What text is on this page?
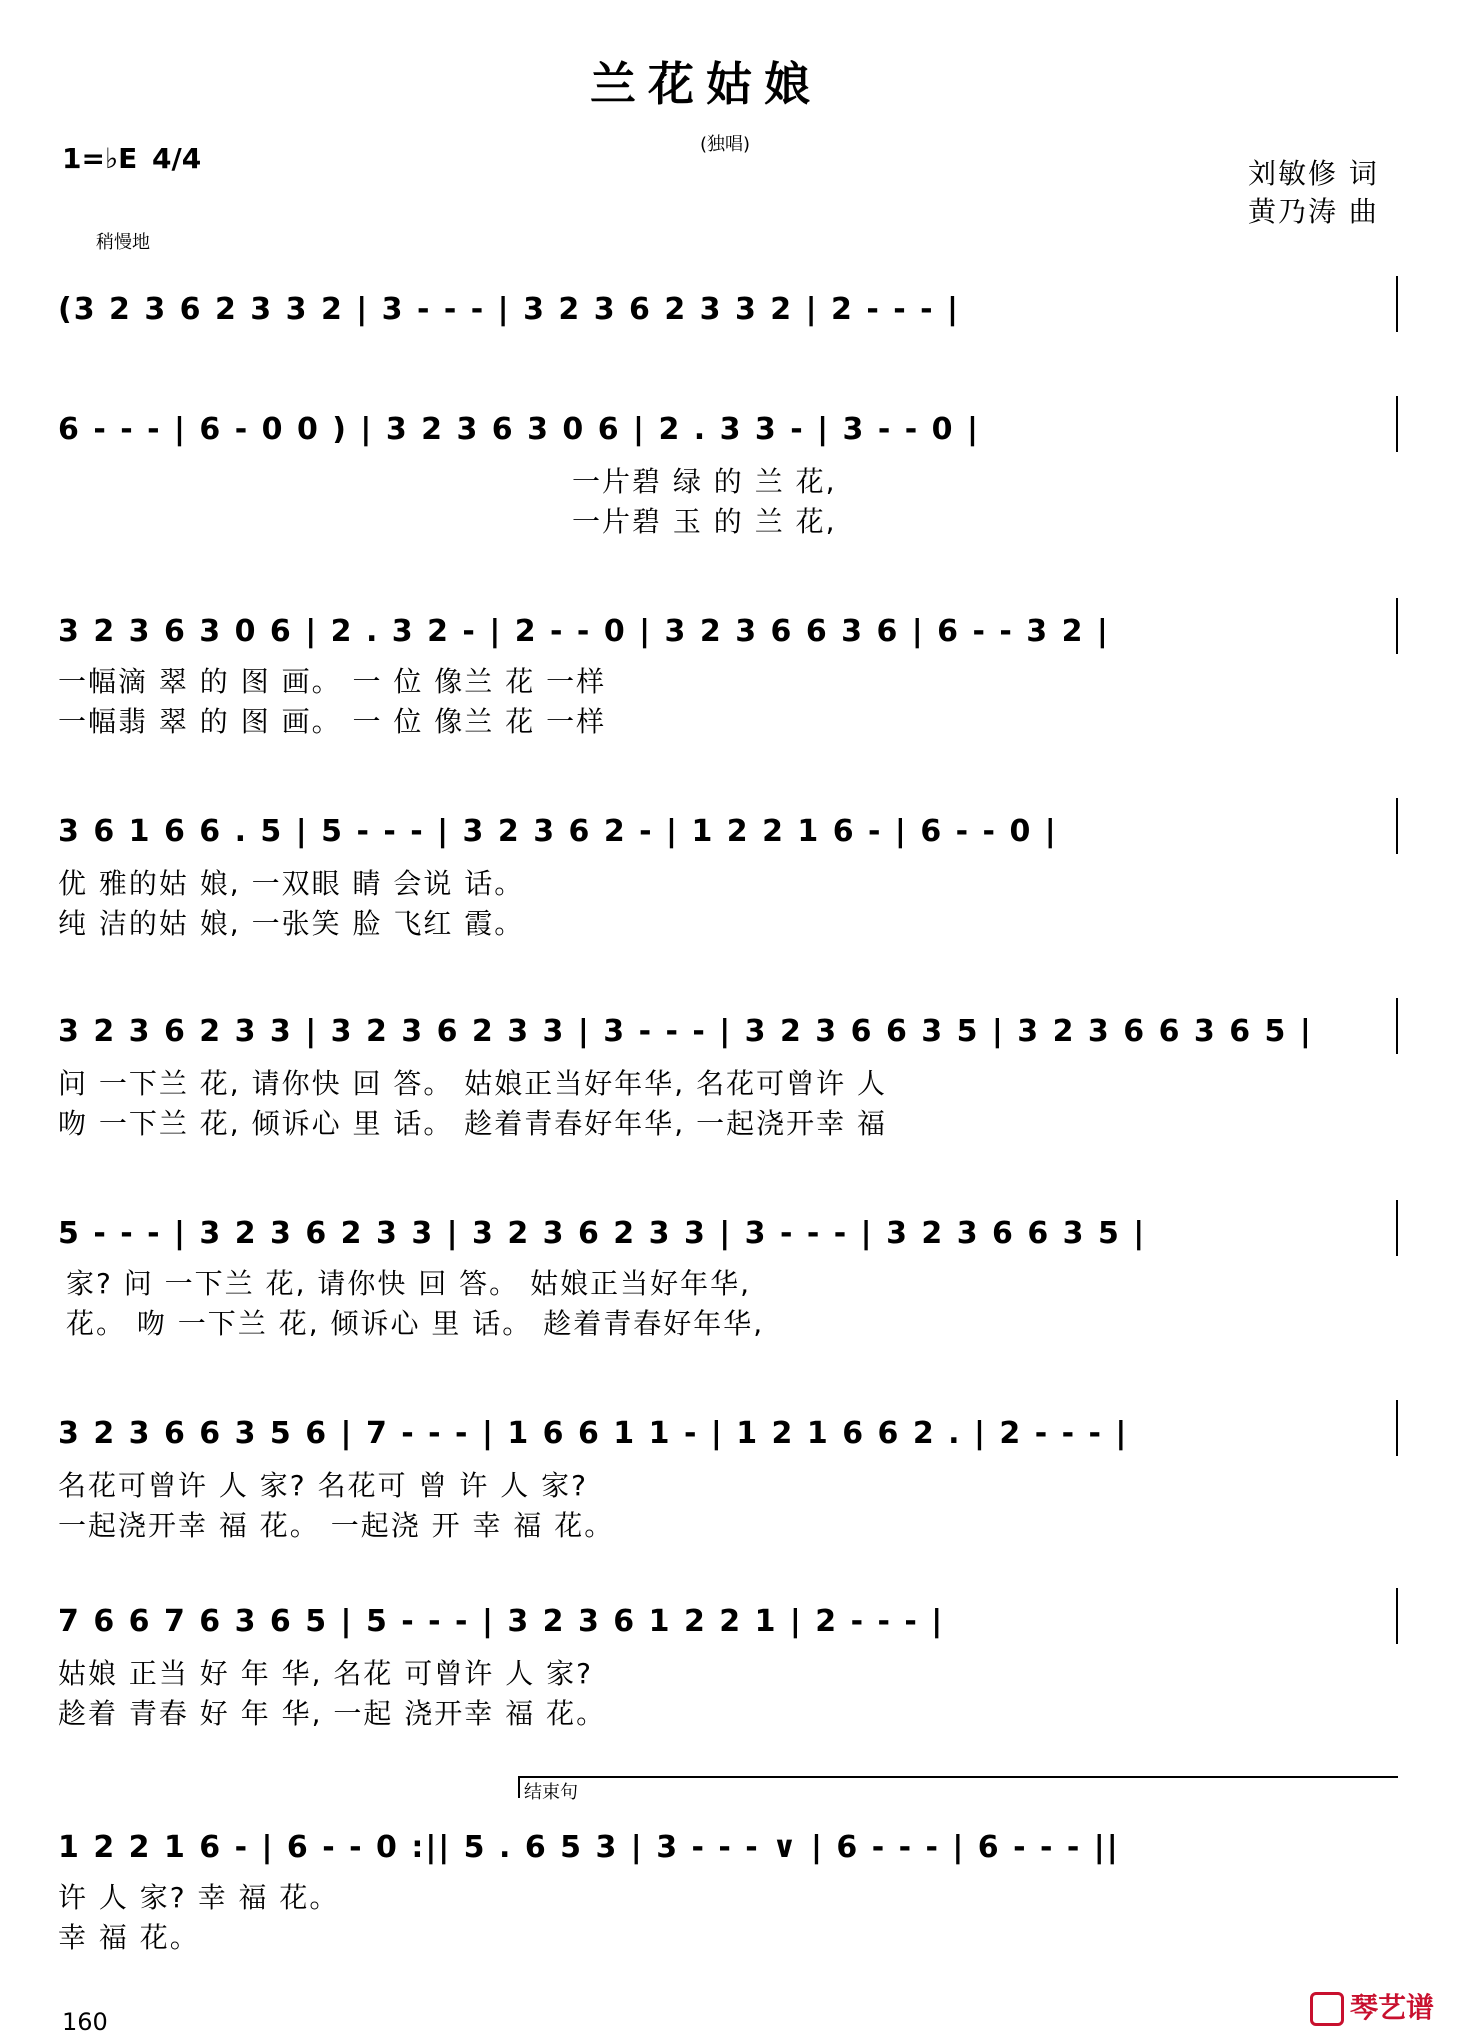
兰花姑娘
(独唱)
1=♭E 4/4
稍慢地
刘敏修 词
黄乃涛 曲
(3 2 3 6 2 3 3 2 | 3 - - - | 3 2 3 6 2 3 3 2 | 2 - - - |
6 - - - | 6 - 0 0 ) | 3 2 3 6 3 0 6 | 2 . 3 3 - | 3 - - 0 |
一片碧 绿 的 兰 花,
一片碧 玉 的 兰 花,
3 2 3 6 3 0 6 | 2 . 3 2 - | 2 - - 0 | 3 2 3 6 6 3 6 | 6 - - 3 2 |
一幅滴 翠 的 图 画。 一 位 像兰 花 一样
一幅翡 翠 的 图 画。 一 位 像兰 花 一样
3 6 1 6 6 . 5 | 5 - - - | 3 2 3 6 2 - | 1 2 2 1 6 - | 6 - - 0 |
优 雅的姑 娘, 一双眼 睛 会说 话。
纯 洁的姑 娘, 一张笑 脸 飞红 霞。
3 2 3 6 2 3 3 | 3 2 3 6 2 3 3 | 3 - - - | 3 2 3 6 6 3 5 | 3 2 3 6 6 3 6 5 |
问 一下兰 花, 请你快 回 答。 姑娘正当好年华, 名花可曾许 人
吻 一下兰 花, 倾诉心 里 话。 趁着青春好年华, 一起浇开幸 福
5 - - - | 3 2 3 6 2 3 3 | 3 2 3 6 2 3 3 | 3 - - - | 3 2 3 6 6 3 5 |
家? 问 一下兰 花, 请你快 回 答。 姑娘正当好年华,
花。 吻 一下兰 花, 倾诉心 里 话。 趁着青春好年华,
3 2 3 6 6 3 5 6 | 7 - - - | 1 6 6 1 1 - | 1 2 1 6 6 2 . | 2 - - - |
名花可曾许 人 家? 名花可 曾 许 人 家?
一起浇开幸 福 花。 一起浇 开 幸 福 花。
7 6 6 7 6 3 6 5 | 5 - - - | 3 2 3 6 1 2 2 1 | 2 - - - |
姑娘 正当 好 年 华, 名花 可曾许 人 家?
趁着 青春 好 年 华, 一起 浇开幸 福 花。
结束句
1 2 2 1 6 - | 6 - - 0 :|| 5 . 6 5 3 | 3 - - - ∨ | 6 - - - | 6 - - - ||
许 人 家? 幸 福 花。
幸 福 花。
160	琴艺谱
